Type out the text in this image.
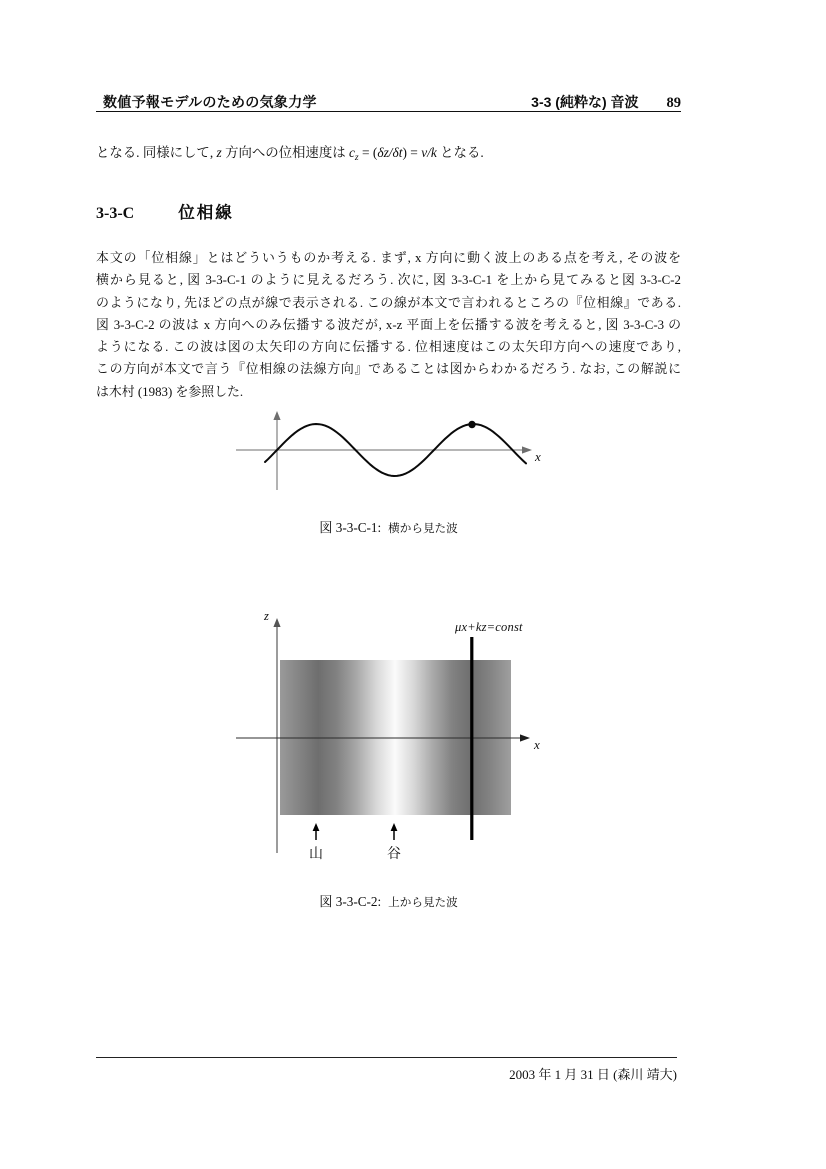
数値予報モデルのための気象力学	3-3 (純粋な) 音波 89
となる. 同様にして, z 方向への位相速度は $c_z = (\delta z/\delta t) = \nu/k$ となる.
3-3-C	位相線
本文の「位相線」とはどういうものか考える. まず, x 方向に動く波上のある点を考え, その波を
横から見ると, 図 3-3-C-1 のように見えるだろう. 次に, 図 3-3-C-1 を上から見てみると図 3-3-C-2
のようになり, 先ほどの点が線で表示される. この線が本文で言われるところの『位相線』である.
図 3-3-C-2 の波は x 方向へのみ伝播する波だが, x-z 平面上を伝播する波を考えると, 図 3-3-C-3 の
ようになる. この波は図の太矢印の方向に伝播する. 位相速度はこの太矢印方向への速度であり,
この方向が本文で言う『位相線の法線方向』であることは図からわかるだろう. なお, この解説に
は木村 (1983) を参照した.
x
図 3-3-C-1: 横から見た波
z
x
μx+kz=const
山	谷
図 3-3-C-2: 上から見た波
2003 年 1 月 31 日 (森川 靖大)
